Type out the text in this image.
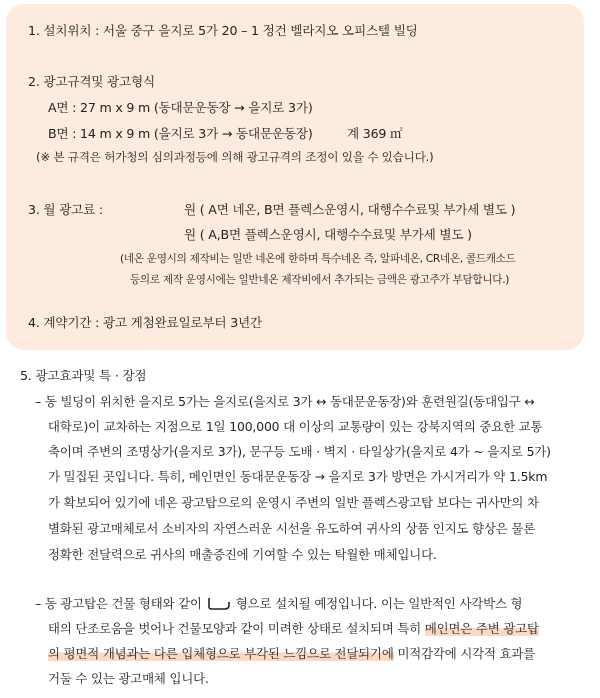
1. 설치위치 : 서울 중구 을지로 5가 20 – 1 정건 벨라지오 오피스텔 빌딩
2. 광고규격및 광고형식
A면 : 27 m x 9 m (동대문운동장 → 을지로 3가)
B면 : 14 m x 9 m (을지로 3가 → 동대문운동장)	계 369 ㎡
(※ 본 규격은 허가청의 심의과정등에 의해 광고규격의 조정이 있을 수 있습니다.)
3. 월 광고료 :	원 ( A면 네온, B면 플렉스운영시, 대행수수료및 부가세 별도 )
원 ( A,B면 플렉스운영시, 대행수수료및 부가세 별도 )
(네온 운영시의 제작비는 일반 네온에 한하며 특수네온 즉, 알파네온, CR네온, 콜드캐소드
등의로 제작 운영시에는 일반네온 제작비에서 추가되는 금액은 광고주가 부담합니다.)
4. 계약기간 : 광고 게첨완료일로부터 3년간
5. 광고효과및 특 · 장점
– 동 빌딩이 위치한 을지로 5가는 을지로(을지로 3가 ↔ 동대문운동장)와 훈련원길(동대입구 ↔
대학로)이 교차하는 지점으로 1일 100,000 대 이상의 교통량이 있는 강북지역의 중요한 교통
축이며 주변의 조명상가(을지로 3가), 문구등 도배 · 벽지 · 타일상가(을지로 4가 ~ 을지로 5가)
가 밀집된 곳입니다. 특히, 메인면인 동대문운동장 → 을지로 3가 방면은 가시거리가 약 1.5km
가 확보되어 있기에 네온 광고탑으로의 운영시 주변의 일반 플렉스광고탑 보다는 귀사만의 차
별화된 광고매체로서 소비자의 자연스러운 시선을 유도하여 귀사의 상품 인지도 향상은 물론
정확한 전달력으로 귀사의 매출증진에 기여할 수 있는 탁월한 매체입니다.
– 동 광고탑은 건물 형태와 같이	형으로 설치될 예정입니다. 이는 일반적인 사각박스 형
태의 단조로움을 벗어나 건물모양과 같이 미려한 상태로 설치되며 특히 메인면은 주변 광고탑
의 평면적 개념과는 다른 입체형으로 부각된 느낌으로 전달되기에 미적감각에 시각적 효과를
거둘 수 있는 광고매체 입니다.
